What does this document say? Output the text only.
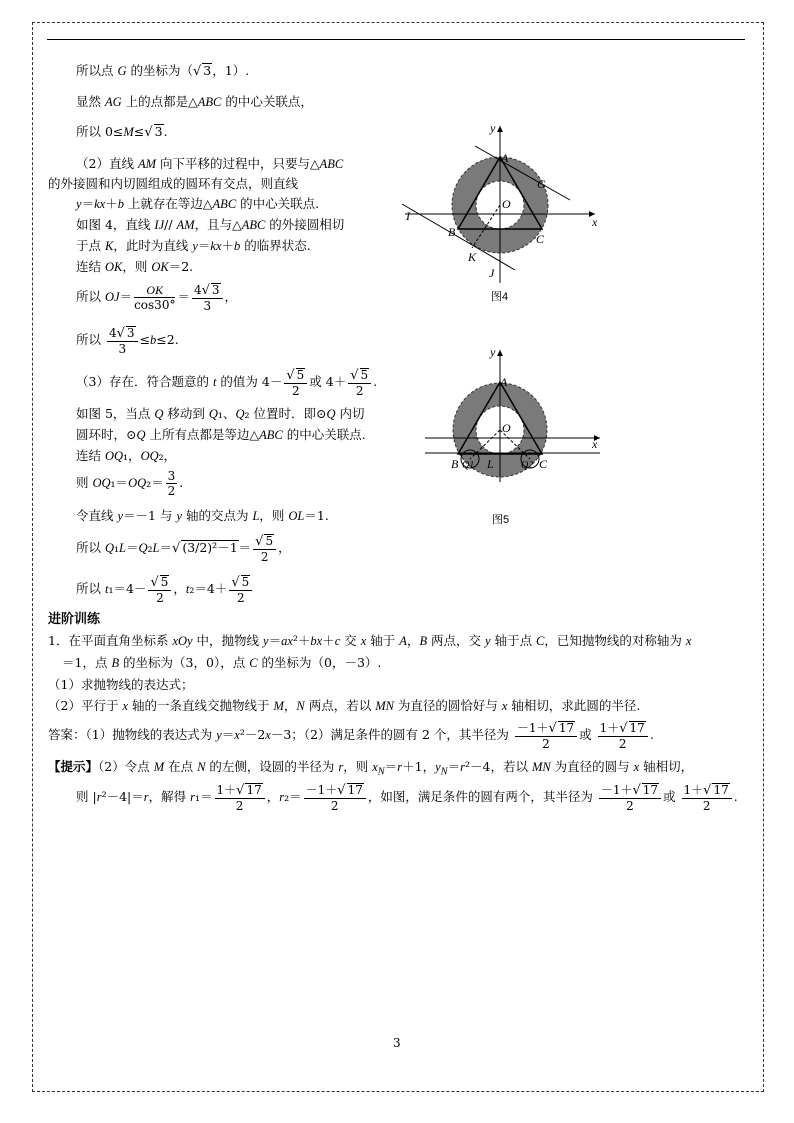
所以点 G 的坐标为（√ 3，1）.
显然 AG 上的点都是△ABC 的中心关联点，
所以 0≤M≤√ 3.
（2）直线 AM 向下平移的过程中，只要与△ABC
的外接圆和内切圆组成的圆环有交点，则直线
y＝kx＋b 上就存在等边△ABC 的中心关联点.
如图 4，直线 IJ// AM，且与△ABC 的外接圆相切
于点 K，此时为直线 y＝kx＋b 的临界状态.
连结 OK，则 OK＝2.
所以 $OJ= \frac{OK}{\cos 30^\circ} = \frac{4√ 3}{3}$ ，
所以 $\frac{4√ 3}{3} \le b\le 2$.
（3）存在．符合题意的 t 的值为 $4- \frac{√ 5}{2}$ 或 $4+ \frac{√ 5}{2}$ .
如图 5，当点 Q 移动到 Q₁、Q₂ 位置时．即⊙Q 内切
圆环时，⊙Q 上所有点都是等边△ABC 的中心关联点.
连结 OQ₁，OQ₂，
则 $OQ_1=OQ_2= \frac{3}{2}$ .
令直线 y＝－1 与 y 轴的交点为 L，则 OL＝1.
所以 Q₁L＝Q₂L＝√ $(3/2)^2-1= \frac{√ 5}{2}$ ，
所以 $t_1=4- \frac{√ 5}{2}$ ，$t_2=4+ \frac{√ 5}{2}$
y
A
G
O
x
I
B	C
K
J
图4
y
A
O
x
B Q1 L	Q2 C
图5
进阶训练
1．在平面直角坐标系 xOy 中，抛物线 y＝ax²＋bx＋c 交 x 轴于 A，B 两点，交 y 轴于点 C，已知抛物线的对称轴为 x
＝1，点 B 的坐标为（3，0），点 C 的坐标为（0，－3）.
（1）求抛物线的表达式；
（2）平行于 x 轴的一条直线交抛物线于 M，N 两点，若以 MN 为直径的圆恰好与 x 轴相切，求此圆的半径.
答案：（1）抛物线的表达式为 y＝x²－2x－3；（2）满足条件的圆有 2 个，其半径为 $\frac{-1+√ 17}{2}$ 或 $\frac{1+√ 17}{2}$ .
【提示】（2）令点 M 在点 N 的左侧，设圆的半径为 r，则 $x_N=r+1$，$y_N=r^2-4$，若以 MN 为直径的圆与 x 轴相切，
则 |r²－4|＝r，解得 $r_1= \frac{1+√ 17}{2}$ ，$r_2= \frac{-1+√ 17}{2}$ ，如图，满足条件的圆有两个，其半径为 $\frac{-1+√ 17}{2}$ 或 $\frac{1+√ 17}{2}$ .
3
